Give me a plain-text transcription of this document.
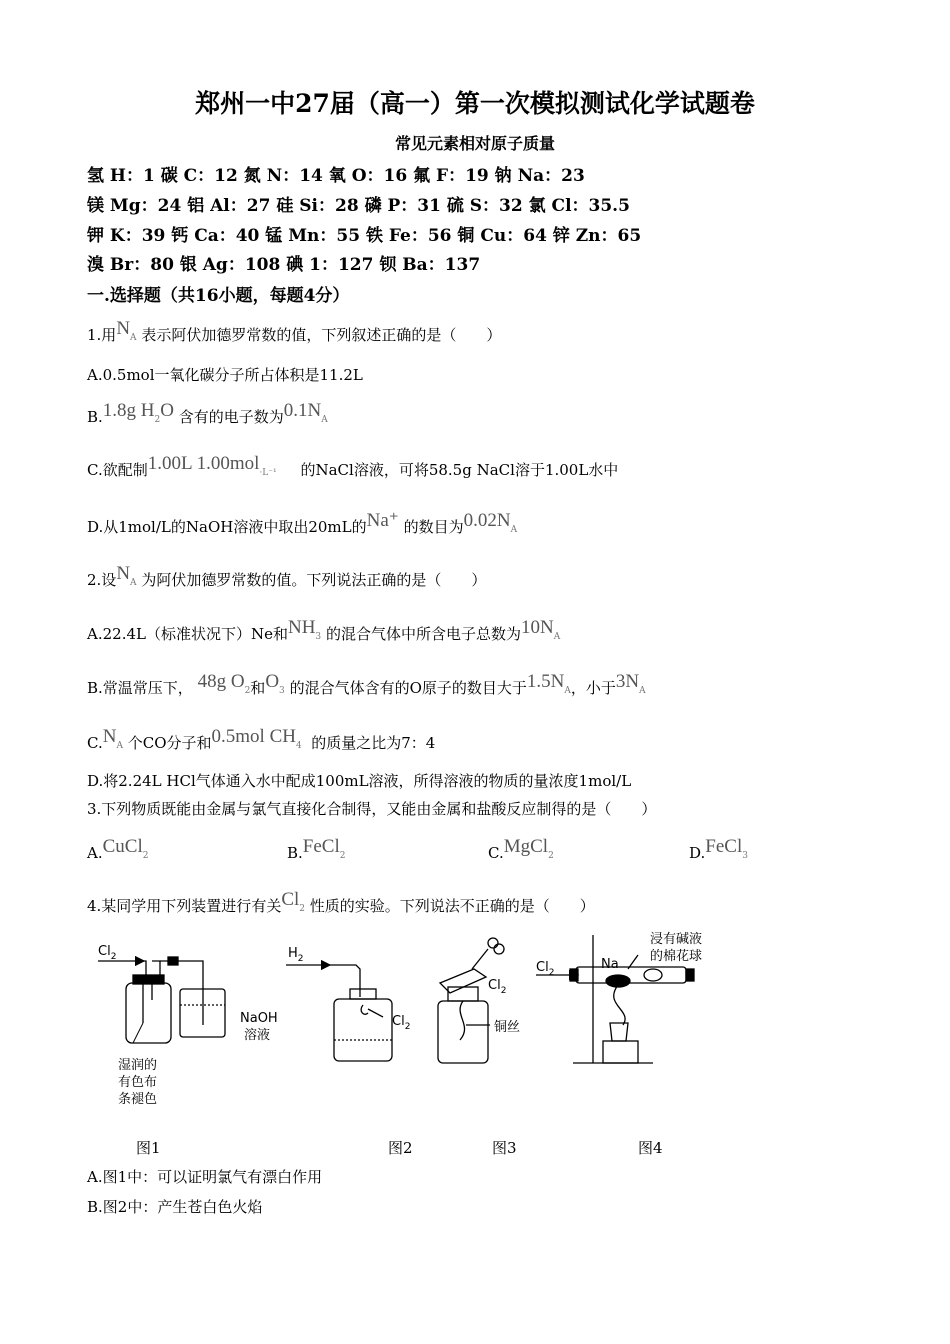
郑州一中27届（高一）第一次模拟测试化学试题卷
常见元素相对原子质量
氢 H：1 碳 C：12 氮 N：14 氧 O：16 氟 F：19 钠 Na：23
镁 Mg：24 铝 Al：27 硅 Si：28 磷 P：31 硫 S：32 氯 Cl：35.5
钾 K：39 钙 Ca：40 锰 Mn：55 铁 Fe：56 铜 Cu：64 锌 Zn：65
溴 Br：80 银 Ag：108 碘 1：127 钡 Ba：137
一.选择题（共16小题，每题4分）
1.用NA 表示阿伏加德罗常数的值，下列叙述正确的是（　　）
A.0.5mol一氧化碳分子所占体积是11.2L
B.1.8g H2O 含有的电子数为0.1NA
C.欲配制1.00L 1.00mol·L⁻¹ 的NaCl溶液，可将58.5g NaCl溶于1.00L水中
D.从1mol/L的NaOH溶液中取出20mL的Na⁺ 的数目为0.02NA
2.设NA 为阿伏加德罗常数的值。下列说法正确的是（　　）
A.22.4L（标准状况下）Ne和NH3 的混合气体中所含电子总数为10NA
B.常温常压下， 48g O2和O3 的混合气体含有的O原子的数目大于1.5NA，小于3NA
C.NA 个CO分子和0.5mol CH4 的质量之比为7：4
D.将2.24L HCl气体通入水中配成100mL溶液，所得溶液的物质的量浓度1mol/L
3.下列物质既能由金属与氯气直接化合制得，又能由金属和盐酸反应制得的是（　　）
A.CuCl2	B.FeCl2	C.MgCl2	D.FeCl3
4.某同学用下列装置进行有关Cl2 性质的实验。下列说法不正确的是（　　）
$Cl_2$
NaOH
溶液
湿润的
有色布
条褪色
$H_2$
$Cl_2$
$Cl_2$
铜丝
$Cl_2$
Na
浸有碱液
的棉花球
图1	图2	图3	图4
A.图1中：可以证明氯气有漂白作用
B.图2中：产生苍白色火焰
